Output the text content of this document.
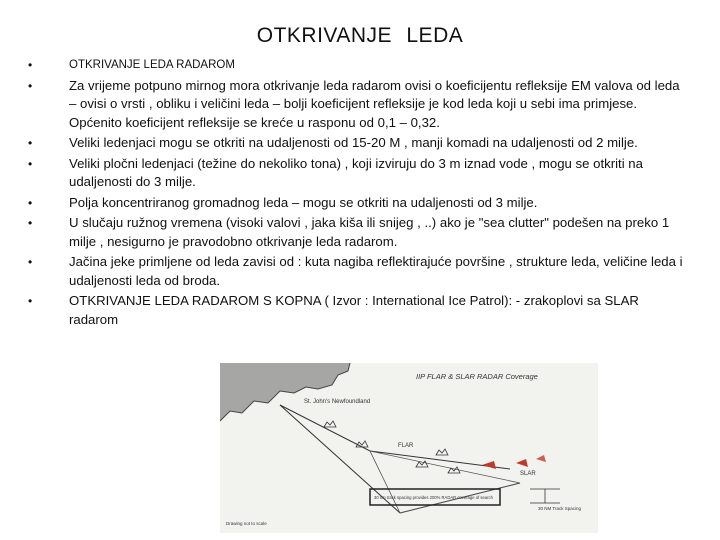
OTKRIVANJE LEDA
•	OTKRIVANJE LEDA RADAROM
•	Za vrijeme potpuno mirnog mora otkrivanje leda radarom ovisi o koeficijentu refleksije EM valova od leda – ovisi o vrsti , obliku i veličini leda – bolji koeficijent refleksije je kod leda koji u sebi ima primjese. Općenito koeficijent refleksije se kreće u rasponu od 0,1 – 0,32.
•	Veliki ledenjaci mogu se otkriti na udaljenosti od 15-20 M , manji komadi na udaljenosti od 2 milje.
•	Veliki pločni ledenjaci (težine do nekoliko tona) , koji izviruju do 3 m iznad vode , mogu se otkriti na udaljenosti do 3 milje.
•	Polja koncentriranog gromadnog leda – mogu se otkriti na udaljenosti od 3 milje.
•	U slučaju ružnog vremena (visoki valovi , jaka kiša ili snijeg , ..) ako je "sea clutter" podešen na preko 1 milje , nesigurno je pravodobno otkrivanje leda radarom.
•	Jačina jeke primljene od leda zavisi od : kuta nagiba reflektirajuće površine , strukture leda, veličine leda i udaljenosti leda od broda.
•	OTKRIVANJE LEDA RADAROM S KOPNA ( Izvor : International Ice Patrol): - zrakoplovi sa SLAR radarom
IIP FLAR & SLAR RADAR Coverage
St. John's Newfoundland
30 nm track spacing provides 200% RADAR coverage of search
FLAR
SLAR
30 NM Track Spacing
Drawing not to scale
